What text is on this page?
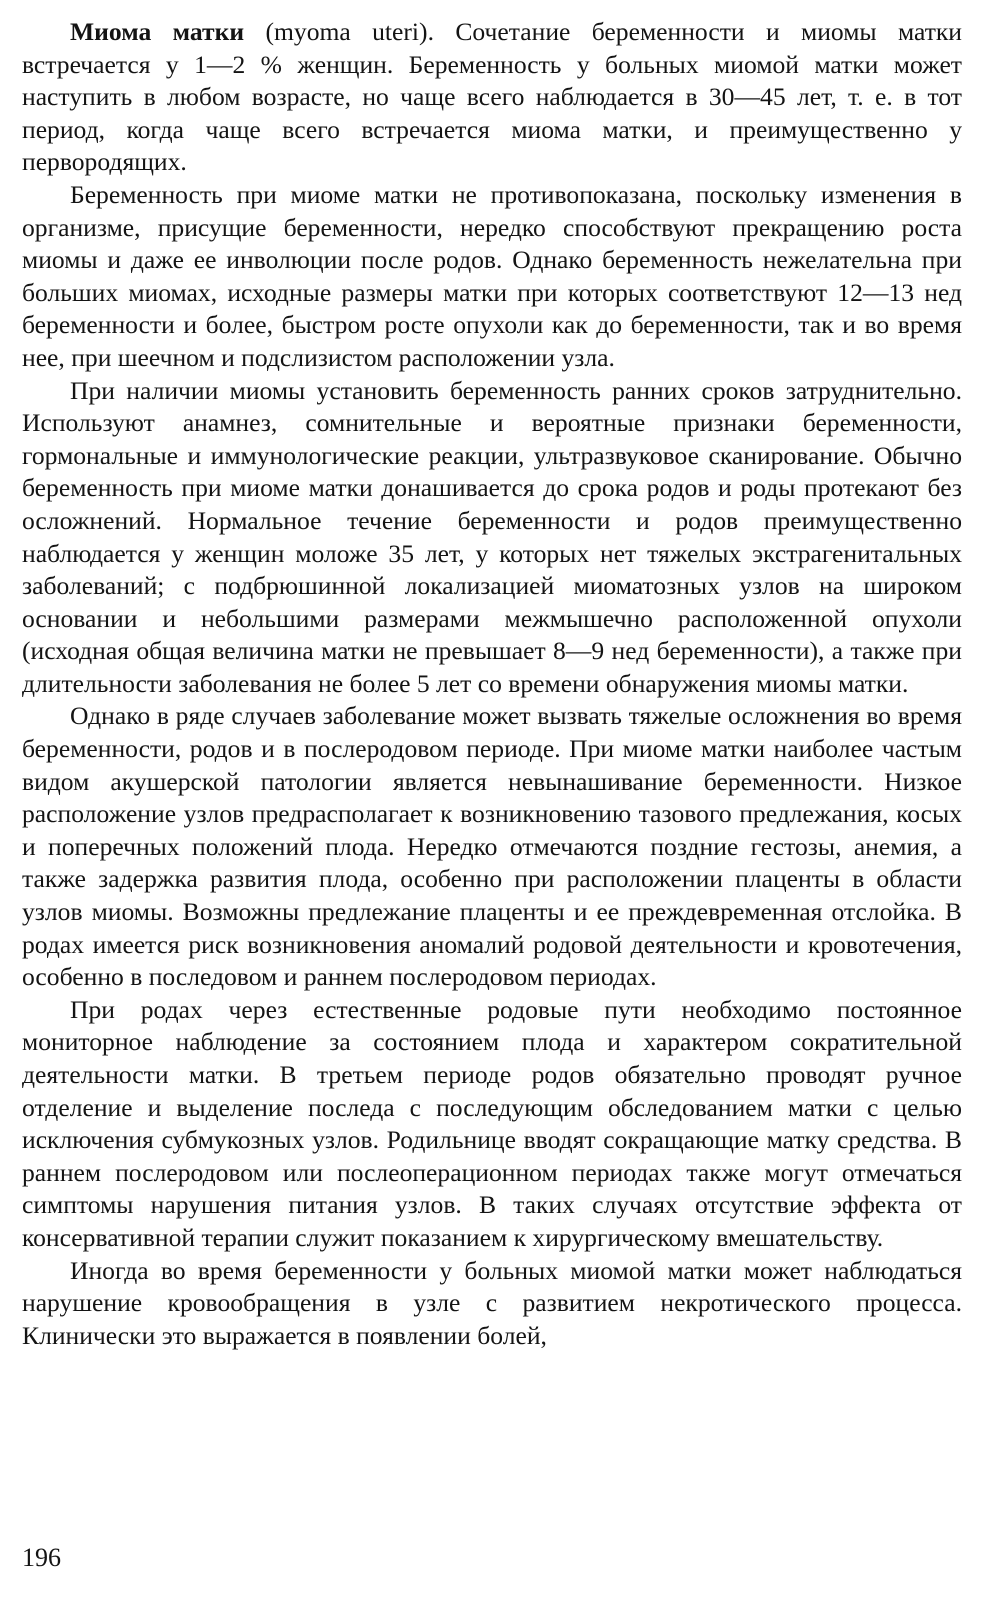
Миома матки (myoma uteri). Сочетание беременности и миомы матки встречается у 1—2 % женщин. Беременность у больных миомой матки может наступить в любом возрасте, но чаще всего наблюдается в 30—45 лет, т. е. в тот период, когда чаще всего встречается миома матки, и преимущественно у первородящих.

Беременность при миоме матки не противопоказана, поскольку изменения в организме, присущие беременности, нередко способствуют прекращению роста миомы и даже ее инволюции после родов. Однако беременность нежелательна при больших миомах, исходные размеры матки при которых соответствуют 12—13 нед беременности и более, быстром росте опухоли как до беременности, так и во время нее, при шеечном и подслизистом расположении узла.

При наличии миомы установить беременность ранних сроков затруднительно. Используют анамнез, сомнительные и вероятные признаки беременности, гормональные и иммунологические реакции, ультразвуковое сканирование. Обычно беременность при миоме матки донашивается до срока родов и роды протекают без осложнений. Нормальное течение беременности и родов преимущественно наблюдается у женщин моложе 35 лет, у которых нет тяжелых экстрагенитальных заболеваний; с подбрюшинной локализацией миоматозных узлов на широком основании и небольшими размерами межмышечно расположенной опухоли (исходная общая величина матки не превышает 8—9 нед беременности), а также при длительности заболевания не более 5 лет со времени обнаружения миомы матки.

Однако в ряде случаев заболевание может вызвать тяжелые осложнения во время беременности, родов и в послеродовом периоде. При миоме матки наиболее частым видом акушерской патологии является невынашивание беременности. Низкое расположение узлов предрасполагает к возникновению тазового предлежания, косых и поперечных положений плода. Нередко отмечаются поздние гестозы, анемия, а также задержка развития плода, особенно при расположении плаценты в области узлов миомы. Возможны предлежание плаценты и ее преждевременная отслойка. В родах имеется риск возникновения аномалий родовой деятельности и кровотечения, особенно в последовом и раннем послеродовом периодах.

При родах через естественные родовые пути необходимо постоянное мониторное наблюдение за состоянием плода и характером сократительной деятельности матки. В третьем периоде родов обязательно проводят ручное отделение и выделение последа с последующим обследованием матки с целью исключения субмукозных узлов. Родильнице вводят сокращающие матку средства. В раннем послеродовом или послеоперационном периодах также могут отмечаться симптомы нарушения питания узлов. В таких случаях отсутствие эффекта от консервативной терапии служит показанием к хирургическому вмешательству.

Иногда во время беременности у больных миомой матки может наблюдаться нарушение кровообращения в узле с развитием некротического процесса. Клинически это выражается в появлении болей,

196
